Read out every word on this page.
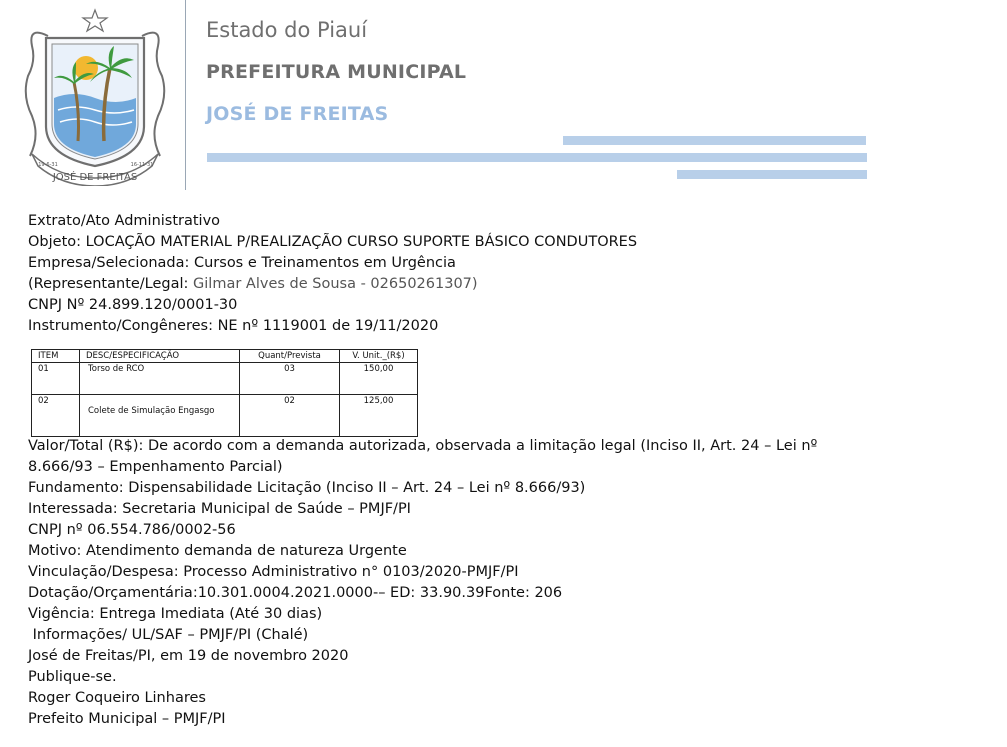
JOSÉ DE FREITAS
19-6-31	16-11-31
Estado do Piauí
PREFEITURA MUNICIPAL
JOSÉ DE FREITAS
Extrato/Ato Administrativo
Objeto: LOCAÇÃO MATERIAL P/REALIZAÇÃO CURSO SUPORTE BÁSICO CONDUTORES
Empresa/Selecionada: Cursos e Treinamentos em Urgência
(Representante/Legal: Gilmar Alves de Sousa - 02650261307)
CNPJ Nº 24.899.120/0001-30
Instrumento/Congêneres: NE nº 1119001 de 19/11/2020
ITEM	DESC/ESPECIFICAÇÃO	Quant/Prevista	V. Unit._(R$)
01	Torso de RCO	03	150,00
02	Colete de Simulação Engasgo	02	125,00
Valor/Total (R$): De acordo com a demanda autorizada, observada a limitação legal (Inciso II, Art. 24 – Lei nº 8.666/93 – Empenhamento Parcial)
Fundamento: Dispensabilidade Licitação (Inciso II – Art. 24 – Lei nº 8.666/93)
Interessada: Secretaria Municipal de Saúde – PMJF/PI
CNPJ nº 06.554.786/0002-56
Motivo: Atendimento demanda de natureza Urgente
Vinculação/Despesa: Processo Administrativo n° 0103/2020-PMJF/PI
Dotação/Orçamentária:10.301.0004.2021.0000-– ED: 33.90.39Fonte: 206
Vigência: Entrega Imediata (Até 30 dias)
Informações/ UL/SAF – PMJF/PI (Chalé)
José de Freitas/PI, em 19 de novembro 2020
Publique-se.
Roger Coqueiro Linhares
Prefeito Municipal – PMJF/PI
